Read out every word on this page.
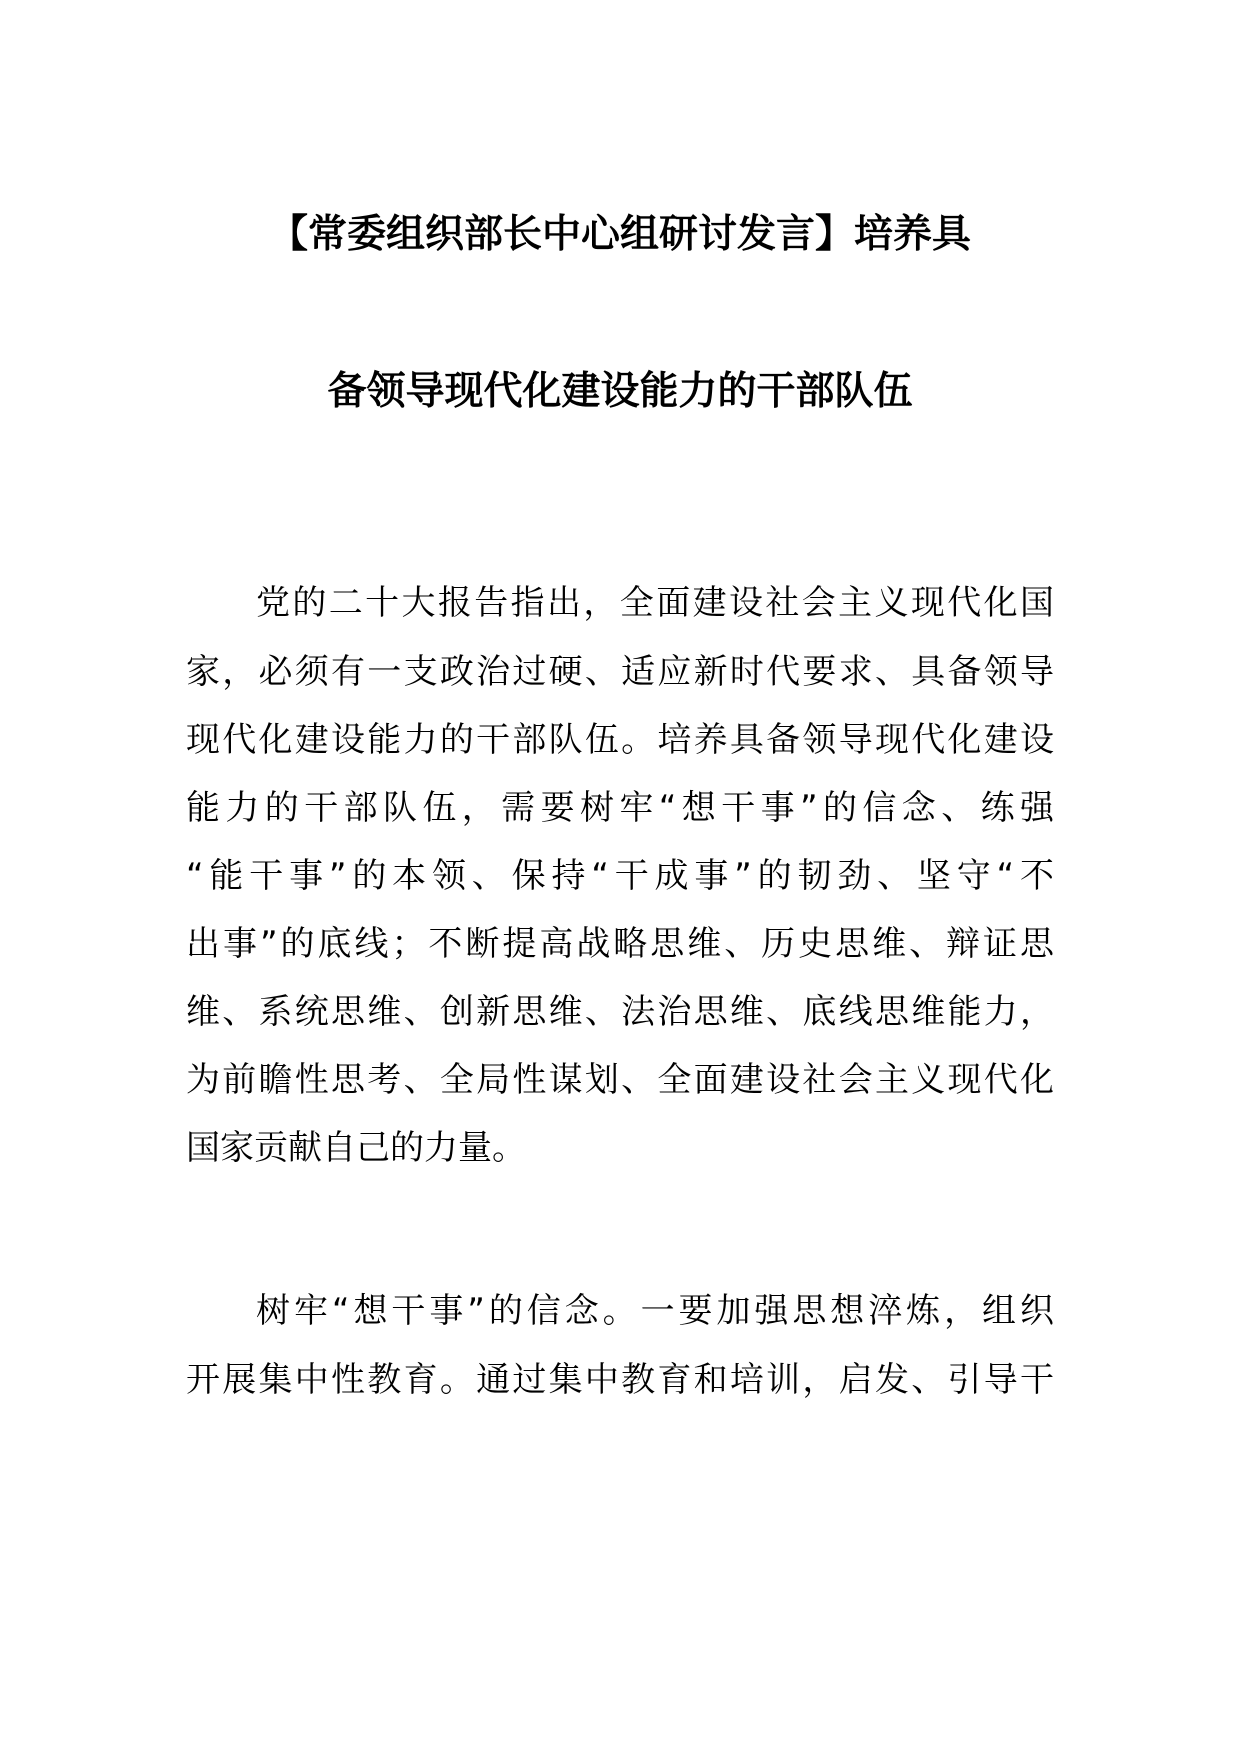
【常委组织部长中心组研讨发言】培养具
备领导现代化建设能力的干部队伍
党的二十大报告指出，全面建设社会主义现代化国
家，必须有一支政治过硬、适应新时代要求、具备领导
现代化建设能力的干部队伍。培养具备领导现代化建设
能力的干部队伍，需要树牢“想干事”的信念、练强
“能干事”的本领、保持“干成事”的韧劲、坚守“不
出事”的底线；不断提高战略思维、历史思维、辩证思
维、系统思维、创新思维、法治思维、底线思维能力，
为前瞻性思考、全局性谋划、全面建设社会主义现代化
国家贡献自己的力量。
树牢“想干事”的信念。一要加强思想淬炼，组织
开展集中性教育。通过集中教育和培训，启发、引导干
